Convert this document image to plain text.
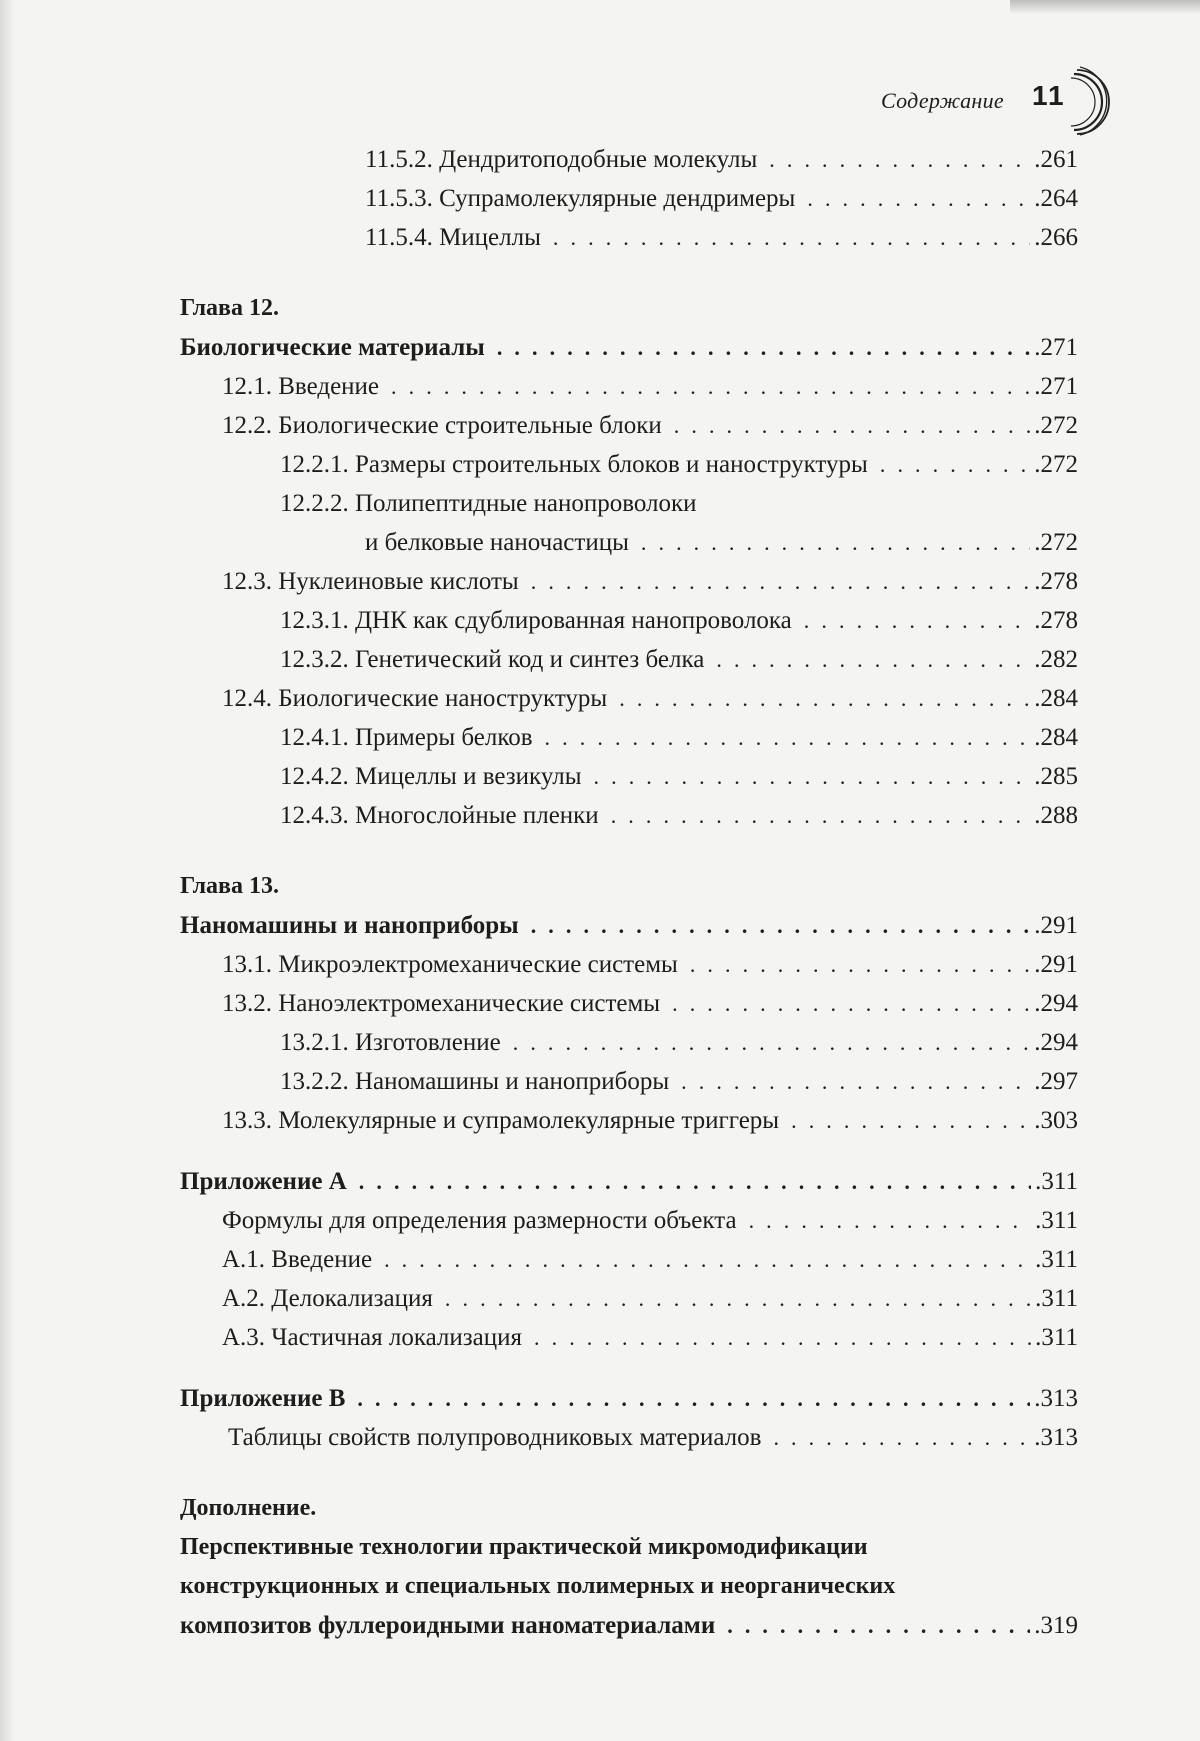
Содержание 11
11.5.2. Дендритоподобные молекулы . . .	. 261
11.5.3. Супрамолекулярные дендримеры . . .	. 264
11.5.4. Мицеллы . . .	. 266
Глава 12.
Биологические материалы . . .	. 271
12.1. Введение . . .	. 271
12.2. Биологические строительные блоки . . .	. 272
12.2.1. Размеры строительных блоков и наноструктуры . . .	. 272
12.2.2. Полипептидные нанопроволоки
и белковые наночастицы . . .	. 272
12.3. Нуклеиновые кислоты . . .	. 278
12.3.1. ДНК как сдублированная нанопроволока . . .	. 278
12.3.2. Генетический код и синтез белка . . .	. 282
12.4. Биологические наноструктуры . . .	. 284
12.4.1. Примеры белков . . .	. 284
12.4.2. Мицеллы и везикулы . . .	. 285
12.4.3. Многослойные пленки . . .	. 288
Глава 13.
Наномашины и наноприборы . . .	. 291
13.1. Микроэлектромеханические системы . . .	. 291
13.2. Наноэлектромеханические системы . . .	. 294
13.2.1. Изготовление . . .	. 294
13.2.2. Наномашины и наноприборы . . .	. 297
13.3. Молекулярные и супрамолекулярные триггеры . . .	. 303
Приложение А . . .	. 311
Формулы для определения размерности объекта . . .	. 311
А.1. Введение . . .	. 311
А.2. Делокализация . . .	. 311
А.3. Частичная локализация . . .	. 311
Приложение В . . .	. 313
Таблицы свойств полупроводниковых материалов . . .	. 313
Дополнение.
Перспективные технологии практической микромодификации
конструкционных и специальных полимерных и неорганических
композитов фуллероидными наноматериалами . . .	. 319
